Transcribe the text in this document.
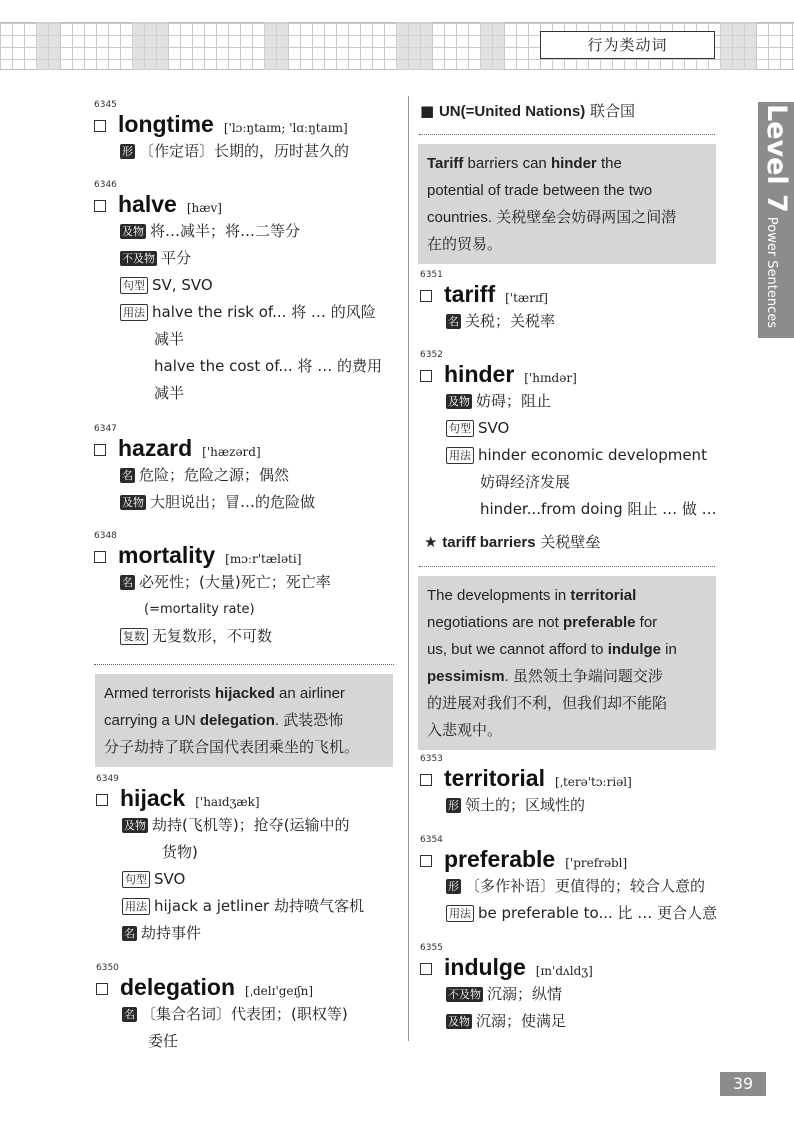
行为类动词
Level 7Power Sentences
6345
longtime ['lɔːŋtaɪm; 'lɑːŋtaɪm]
形 〔作定语〕长期的，历时甚久的
6346
halve [hæv]
及物 将…减半；将…二等分
不及物 平分
句型 SV, SVO
用法 halve the risk of... 将 … 的风险
减半
halve the cost of... 将 … 的费用
减半
6347
hazard ['hæzərd]
名 危险；危险之源；偶然
及物 大胆说出；冒…的危险做
6348
mortality [mɔːr'tæləti]
名 必死性；(大量)死亡；死亡率
(=mortality rate)
复数 无复数形，不可数
Armed terrorists hijacked an airliner
carrying a UN delegation. 武装恐怖
分子劫持了联合国代表团乘坐的飞机。
6349
hijack ['haɪdʒæk]
及物 劫持(飞机等)；抢夺(运输中的
货物)
句型 SVO
用法 hijack a jetliner 劫持喷气客机
名 劫持事件
6350
delegation [ˌdelɪ'geɪʃn]
名 〔集合名词〕代表团；(职权等)
委任
■ UN(=United Nations) 联合国
Tariff barriers can hinder the
potential of trade between the two
countries. 关税壁垒会妨碍两国之间潜
在的贸易。
6351
tariff ['tærɪf]
名 关税；关税率
6352
hinder ['hɪndər]
及物 妨碍；阻止
句型 SVO
用法 hinder economic development
妨碍经济发展
hinder...from doing 阻止 … 做 …
★ tariff barriers 关税壁垒
The developments in territorial
negotiations are not preferable for
us, but we cannot afford to indulge in
pessimism. 虽然领土争端问题交涉
的进展对我们不利，但我们却不能陷
入悲观中。
6353
territorial [ˌterə'tɔːriəl]
形 领土的；区域性的
6354
preferable ['prefrəbl]
形 〔多作补语〕更值得的；较合人意的
用法 be preferable to... 比 … 更合人意
6355
indulge [ɪn'dʌldʒ]
不及物 沉溺；纵情
及物 沉溺；使满足
39
